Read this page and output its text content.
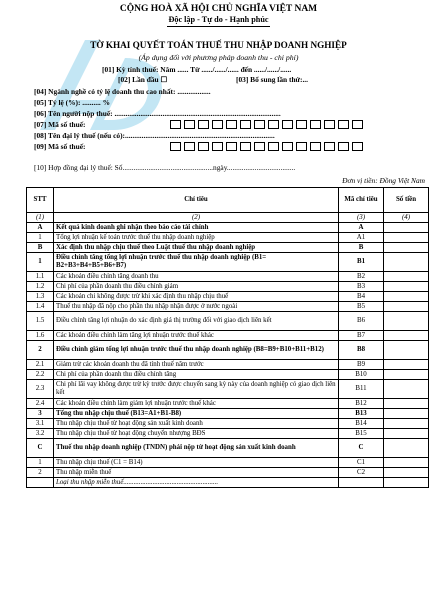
CỘNG HOÀ XÃ HỘI CHỦ NGHĨA VIỆT NAM
Độc lập - Tự do - Hạnh phúc
TỜ KHAI QUYẾT TOÁN THUẾ THU NHẬP DOANH NGHIỆP
(Áp dụng đối với phương pháp doanh thu - chi phí)
[01] Kỳ tính thuế: Năm ...... Từ ....../....../...... đến ....../....../......
[02] Lần đầu ☐	[03] Bổ sung lần thứ:...
[04] Ngành nghề có tỷ lệ doanh thu cao nhất: ..................
[05] Tỷ lệ (%): .......... %
[06] Tên người nộp thuế: ..........................................................................................
[07] Mã số thuế:
[08] Tên đại lý thuế (nếu có):.................................................................................
[09] Mã số thuế:
[10] Hợp đồng đại lý thuế: Số.................................................ngày.....................................
Đơn vị tiền: Đồng Việt Nam
STT	Chỉ tiêu	Mã chỉ tiêu	Số tiền
(1)	(2)	(3)	(4)
A	Kết quả kinh doanh ghi nhận theo báo cáo tài chính	A	
1	Tổng lợi nhuận kế toán trước thuế thu nhập doanh nghiệp	A1	
B	Xác định thu nhập chịu thuế theo Luật thuế thu nhập doanh nghiệp	B	
1	Điều chỉnh tăng tổng lợi nhuận trước thuế thu nhập doanh nghiệp (B1= B2+B3+B4+B5+B6+B7)	B1	
1.1	Các khoản điều chỉnh tăng doanh thu	B2	
1.2	Chi phí của phần doanh thu điều chỉnh giảm	B3	
1.3	Các khoản chi không được trừ khi xác định thu nhập chịu thuế	B4	
1.4	Thuế thu nhập đã nộp cho phần thu nhập nhận được ở nước ngoài	B5	
1.5	Điều chỉnh tăng lợi nhuận do xác định giá thị trường đối với giao dịch liên kết	B6	
1.6	Các khoản điều chỉnh làm tăng lợi nhuận trước thuế khác	B7	
2	Điều chỉnh giảm tổng lợi nhuận trước thuế thu nhập doanh nghiệp (B8=B9+B10+B11+B12)	B8	
2.1	Giảm trừ các khoản doanh thu đã tính thuế năm trước	B9	
2.2	Chi phí của phần doanh thu điều chỉnh tăng	B10	
2.3	Chi phí lãi vay không được trừ kỳ trước được chuyển sang kỳ này của doanh nghiệp có giao dịch liên kết	B11	
2.4	Các khoản điều chỉnh làm giảm lợi nhuận trước thuế khác	B12	
3	Tổng thu nhập chịu thuế (B13=A1+B1-B8)	B13	
3.1	Thu nhập chịu thuế từ hoạt động sản xuất kinh doanh	B14	
3.2	Thu nhập chịu thuế từ hoạt động chuyển nhượng BĐS	B15	
C	Thuế thu nhập doanh nghiệp (TNDN) phải nộp từ hoạt động sản xuất kinh doanh	C	
1	Thu nhập chịu thuế (C1 = B14)	C1	
2	Thu nhập miễn thuế	C2	
	Loại thu nhập miễn thuế.......................................................		
